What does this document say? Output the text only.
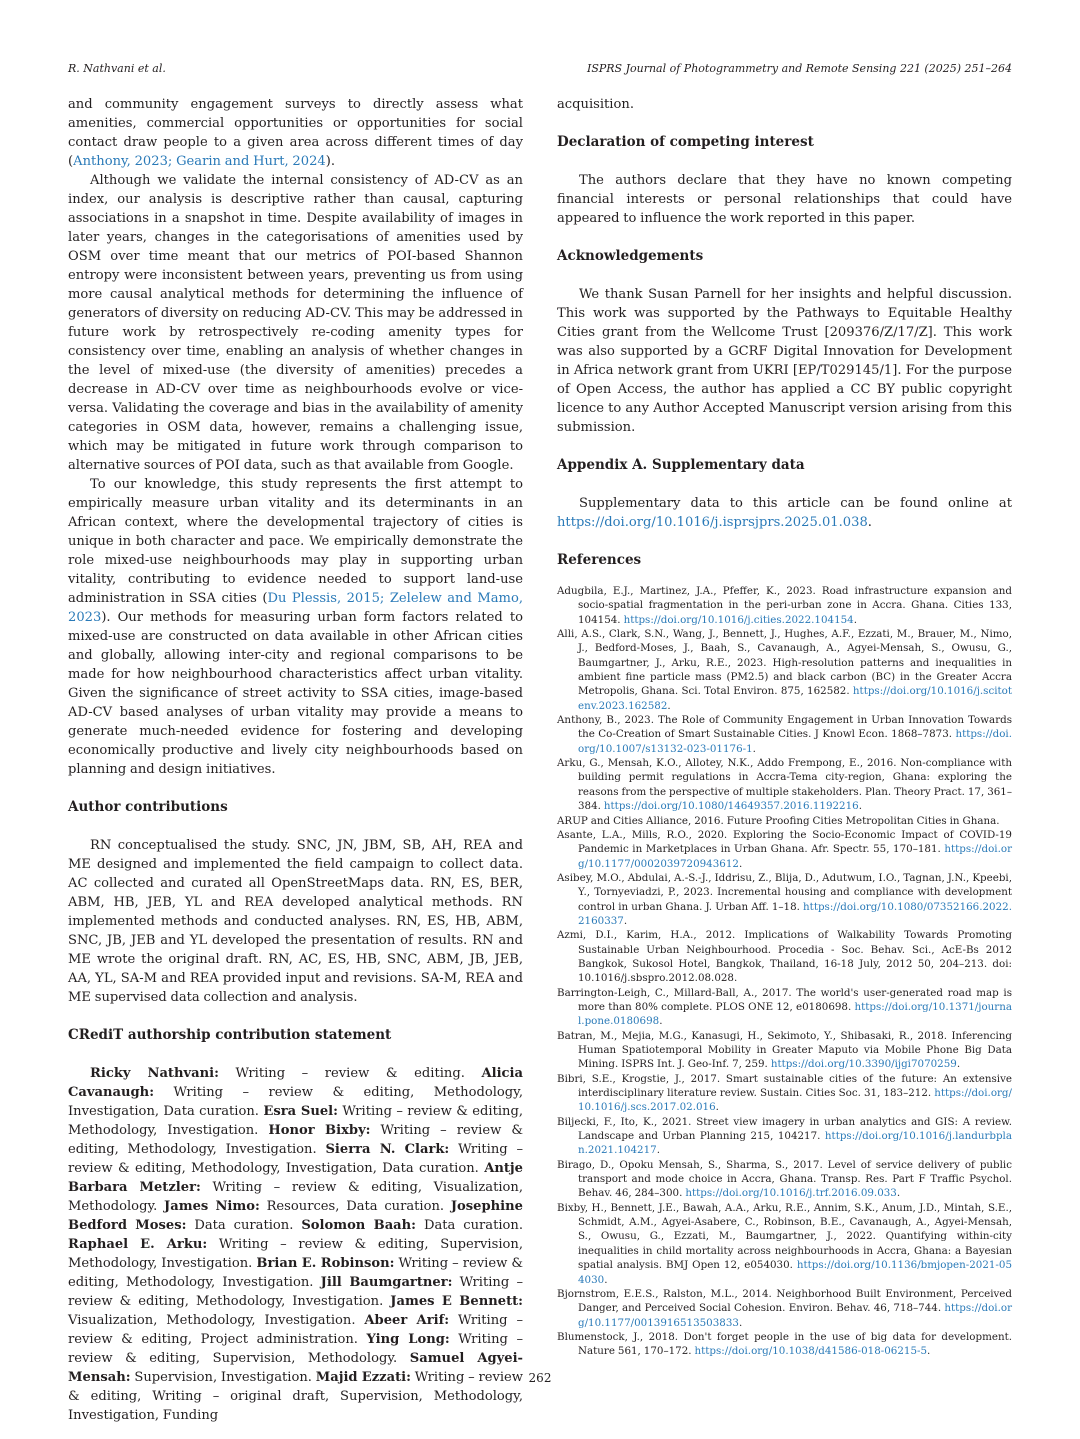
R. Nathvani et al.	ISPRS Journal of Photogrammetry and Remote Sensing 221 (2025) 251–264

and community engagement surveys to directly assess what amenities, commercial opportunities or opportunities for social contact draw people to a given area across different times of day (Anthony, 2023; Gearin and Hurt, 2024).

Although we validate the internal consistency of AD-CV as an index, our analysis is descriptive rather than causal, capturing associations in a snapshot in time. Despite availability of images in later years, changes in the categorisations of amenities used by OSM over time meant that our metrics of POI-based Shannon entropy were inconsistent between years, preventing us from using more causal analytical methods for determining the influence of generators of diversity on reducing AD-CV. This may be addressed in future work by retrospectively re-coding amenity types for consistency over time, enabling an analysis of whether changes in the level of mixed-use (the diversity of amenities) precedes a decrease in AD-CV over time as neighbourhoods evolve or vice-versa. Validating the coverage and bias in the availability of amenity categories in OSM data, however, remains a challenging issue, which may be mitigated in future work through comparison to alternative sources of POI data, such as that available from Google.

To our knowledge, this study represents the first attempt to empirically measure urban vitality and its determinants in an African context, where the developmental trajectory of cities is unique in both character and pace. We empirically demonstrate the role mixed-use neighbourhoods may play in supporting urban vitality, contributing to evidence needed to support land-use administration in SSA cities (Du Plessis, 2015; Zelelew and Mamo, 2023). Our methods for measuring urban form factors related to mixed-use are constructed on data available in other African cities and globally, allowing inter-city and regional comparisons to be made for how neighbourhood characteristics affect urban vitality. Given the significance of street activity to SSA cities, image-based AD-CV based analyses of urban vitality may provide a means to generate much-needed evidence for fostering and developing economically productive and lively city neighbourhoods based on planning and design initiatives.

Author contributions

RN conceptualised the study. SNC, JN, JBM, SB, AH, REA and ME designed and implemented the field campaign to collect data. AC collected and curated all OpenStreetMaps data. RN, ES, BER, ABM, HB, JEB, YL and REA developed analytical methods. RN implemented methods and conducted analyses. RN, ES, HB, ABM, SNC, JB, JEB and YL developed the presentation of results. RN and ME wrote the original draft. RN, AC, ES, HB, SNC, ABM, JB, JEB, AA, YL, SA-M and REA provided input and revisions. SA-M, REA and ME supervised data collection and analysis.

CRediT authorship contribution statement

Ricky Nathvani: Writing – review & editing. Alicia Cavanaugh: Writing – review & editing, Methodology, Investigation, Data curation. Esra Suel: Writing – review & editing, Methodology, Investigation. Honor Bixby: Writing – review & editing, Methodology, Investigation. Sierra N. Clark: Writing – review & editing, Methodology, Investigation, Data curation. Antje Barbara Metzler: Writing – review & editing, Visualization, Methodology. James Nimo: Resources, Data curation. Josephine Bedford Moses: Data curation. Solomon Baah: Data curation. Raphael E. Arku: Writing – review & editing, Supervision, Methodology, Investigation. Brian E. Robinson: Writing – review & editing, Methodology, Investigation. Jill Baumgartner: Writing – review & editing, Methodology, Investigation. James E Bennett: Visualization, Methodology, Investigation. Abeer Arif: Writing – review & editing, Project administration. Ying Long: Writing – review & editing, Supervision, Methodology. Samuel Agyei-Mensah: Supervision, Investigation. Majid Ezzati: Writing – review & editing, Writing – original draft, Supervision, Methodology, Investigation, Funding

acquisition.

Declaration of competing interest

The authors declare that they have no known competing financial interests or personal relationships that could have appeared to influence the work reported in this paper.

Acknowledgements

We thank Susan Parnell for her insights and helpful discussion. This work was supported by the Pathways to Equitable Healthy Cities grant from the Wellcome Trust [209376/Z/17/Z]. This work was also supported by a GCRF Digital Innovation for Development in Africa network grant from UKRI [EP/T029145/1]. For the purpose of Open Access, the author has applied a CC BY public copyright licence to any Author Accepted Manuscript version arising from this submission.

Appendix A. Supplementary data

Supplementary data to this article can be found online at https://doi.org/10.1016/j.isprsjprs.2025.01.038.

References
Adugbila, E.J., Martinez, J.A., Pfeffer, K., 2023. Road infrastructure expansion and socio-spatial fragmentation in the peri-urban zone in Accra. Ghana. Cities 133, 104154. https://doi.org/10.1016/j.cities.2022.104154.
Alli, A.S., Clark, S.N., Wang, J., Bennett, J., Hughes, A.F., Ezzati, M., Brauer, M., Nimo, J., Bedford-Moses, J., Baah, S., Cavanaugh, A., Agyei-Mensah, S., Owusu, G., Baumgartner, J., Arku, R.E., 2023. High-resolution patterns and inequalities in ambient fine particle mass (PM2.5) and black carbon (BC) in the Greater Accra Metropolis, Ghana. Sci. Total Environ. 875, 162582. https://doi.org/10.1016/j.scitotenv.2023.162582.
Anthony, B., 2023. The Role of Community Engagement in Urban Innovation Towards the Co-Creation of Smart Sustainable Cities. J Knowl Econ. 1868–7873. https://doi.org/10.1007/s13132-023-01176-1.
Arku, G., Mensah, K.O., Allotey, N.K., Addo Frempong, E., 2016. Non-compliance with building permit regulations in Accra-Tema city-region, Ghana: exploring the reasons from the perspective of multiple stakeholders. Plan. Theory Pract. 17, 361–384. https://doi.org/10.1080/14649357.2016.1192216.
ARUP and Cities Alliance, 2016. Future Proofing Cities Metropolitan Cities in Ghana.
Asante, L.A., Mills, R.O., 2020. Exploring the Socio-Economic Impact of COVID-19 Pandemic in Marketplaces in Urban Ghana. Afr. Spectr. 55, 170–181. https://doi.org/10.1177/0002039720943612.
Asibey, M.O., Abdulai, A.-S.-J., Iddrisu, Z., Blija, D., Adutwum, I.O., Tagnan, J.N., Kpeebi, Y., Tornyeviadzi, P., 2023. Incremental housing and compliance with development control in urban Ghana. J. Urban Aff. 1–18. https://doi.org/10.1080/07352166.2022.2160337.
Azmi, D.I., Karim, H.A., 2012. Implications of Walkability Towards Promoting Sustainable Urban Neighbourhood. Procedia - Soc. Behav. Sci., AcE-Bs 2012 Bangkok, Sukosol Hotel, Bangkok, Thailand, 16-18 July, 2012 50, 204–213. doi: 10.1016/j.sbspro.2012.08.028.
Barrington-Leigh, C., Millard-Ball, A., 2017. The world's user-generated road map is more than 80% complete. PLOS ONE 12, e0180698. https://doi.org/10.1371/journal.pone.0180698.
Batran, M., Mejia, M.G., Kanasugi, H., Sekimoto, Y., Shibasaki, R., 2018. Inferencing Human Spatiotemporal Mobility in Greater Maputo via Mobile Phone Big Data Mining. ISPRS Int. J. Geo-Inf. 7, 259. https://doi.org/10.3390/ijgi7070259.
Bibri, S.E., Krogstie, J., 2017. Smart sustainable cities of the future: An extensive interdisciplinary literature review. Sustain. Cities Soc. 31, 183–212. https://doi.org/10.1016/j.scs.2017.02.016.
Biljecki, F., Ito, K., 2021. Street view imagery in urban analytics and GIS: A review. Landscape and Urban Planning 215, 104217. https://doi.org/10.1016/j.landurbplan.2021.104217.
Birago, D., Opoku Mensah, S., Sharma, S., 2017. Level of service delivery of public transport and mode choice in Accra, Ghana. Transp. Res. Part F Traffic Psychol. Behav. 46, 284–300. https://doi.org/10.1016/j.trf.2016.09.033.
Bixby, H., Bennett, J.E., Bawah, A.A., Arku, R.E., Annim, S.K., Anum, J.D., Mintah, S.E., Schmidt, A.M., Agyei-Asabere, C., Robinson, B.E., Cavanaugh, A., Agyei-Mensah, S., Owusu, G., Ezzati, M., Baumgartner, J., 2022. Quantifying within-city inequalities in child mortality across neighbourhoods in Accra, Ghana: a Bayesian spatial analysis. BMJ Open 12, e054030. https://doi.org/10.1136/bmjopen-2021-054030.
Bjornstrom, E.E.S., Ralston, M.L., 2014. Neighborhood Built Environment, Perceived Danger, and Perceived Social Cohesion. Environ. Behav. 46, 718–744. https://doi.org/10.1177/0013916513503833.
Blumenstock, J., 2018. Don't forget people in the use of big data for development. Nature 561, 170–172. https://doi.org/10.1038/d41586-018-06215-5.
262
